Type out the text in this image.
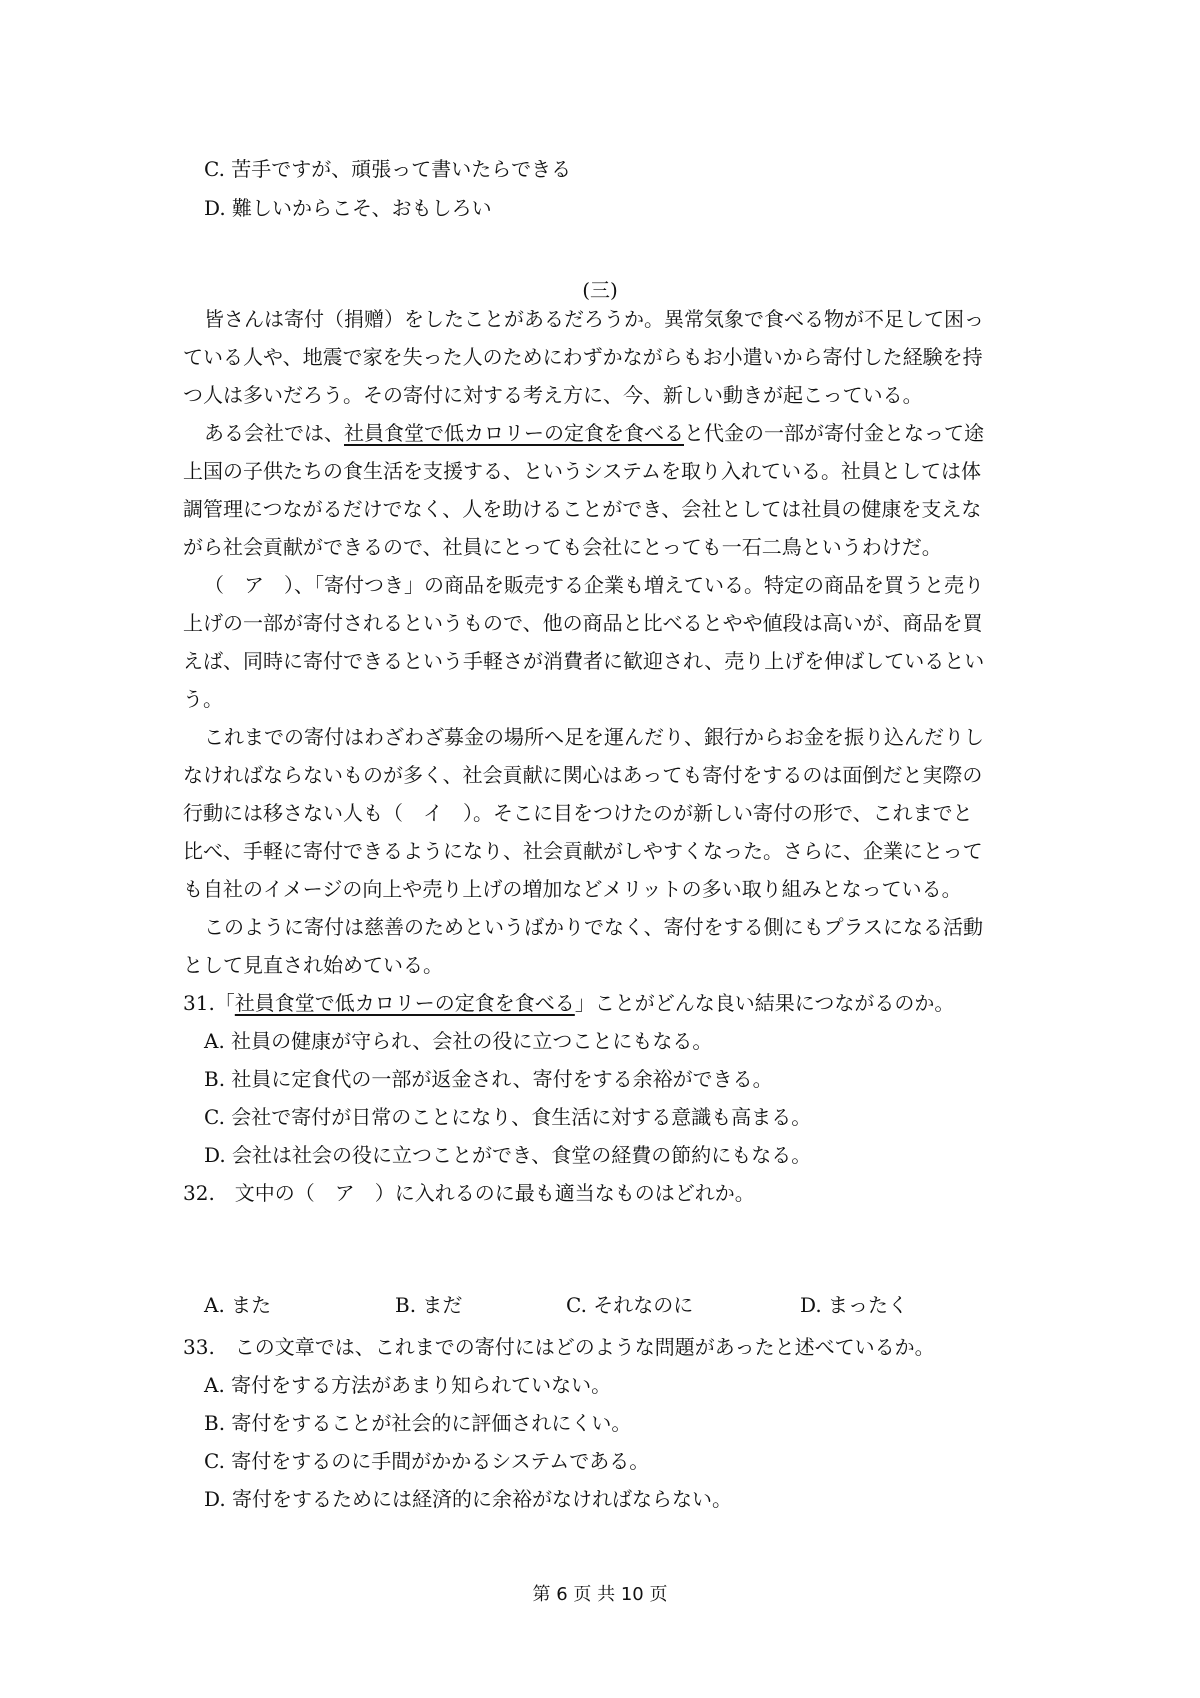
C. 苦手ですが、頑張って書いたらできる
D. 難しいからこそ、おもしろい
(三)
皆さんは寄付（捐赠）をしたことがあるだろうか。異常気象で食べる物が不足して困っ
ている人や、地震で家を失った人のためにわずかながらもお小遣いから寄付した経験を持
つ人は多いだろう。その寄付に対する考え方に、今、新しい動きが起こっている。
ある会社では、社員食堂で低カロリーの定食を食べると代金の一部が寄付金となって途
上国の子供たちの食生活を支援する、というシステムを取り入れている。社員としては体
調管理につながるだけでなく、人を助けることができ、会社としては社員の健康を支えな
がら社会貢献ができるので、社員にとっても会社にとっても一石二鳥というわけだ。
（　ア　）、「寄付つき」の商品を販売する企業も増えている。特定の商品を買うと売り
上げの一部が寄付されるというもので、他の商品と比べるとやや値段は高いが、商品を買
えば、同時に寄付できるという手軽さが消費者に歓迎され、売り上げを伸ばしているとい
う。
これまでの寄付はわざわざ募金の場所へ足を運んだり、銀行からお金を振り込んだりし
なければならないものが多く、社会貢献に関心はあっても寄付をするのは面倒だと実際の
行動には移さない人も（　イ　）。そこに目をつけたのが新しい寄付の形で、これまでと
比べ、手軽に寄付できるようになり、社会貢献がしやすくなった。さらに、企業にとって
も自社のイメージの向上や売り上げの増加などメリットの多い取り組みとなっている。
このように寄付は慈善のためというばかりでなく、寄付をする側にもプラスになる活動
として見直され始めている。
31.「社員食堂で低カロリーの定食を食べる」ことがどんな良い結果につながるのか。
A. 社員の健康が守られ、会社の役に立つことにもなる。
B. 社員に定食代の一部が返金され、寄付をする余裕ができる。
C. 会社で寄付が日常のことになり、食生活に対する意識も高まる。
D. 会社は社会の役に立つことができ、食堂の経費の節約にもなる。
32.　文中の（　ア　）に入れるのに最も適当なものはどれか。
A. また	B. まだ	C. それなのに	D. まったく
33.　この文章では、これまでの寄付にはどのような問題があったと述べているか。
A. 寄付をする方法があまり知られていない。
B. 寄付をすることが社会的に評価されにくい。
C. 寄付をするのに手間がかかるシステムである。
D. 寄付をするためには経済的に余裕がなければならない。
第 6 页 共 10 页
